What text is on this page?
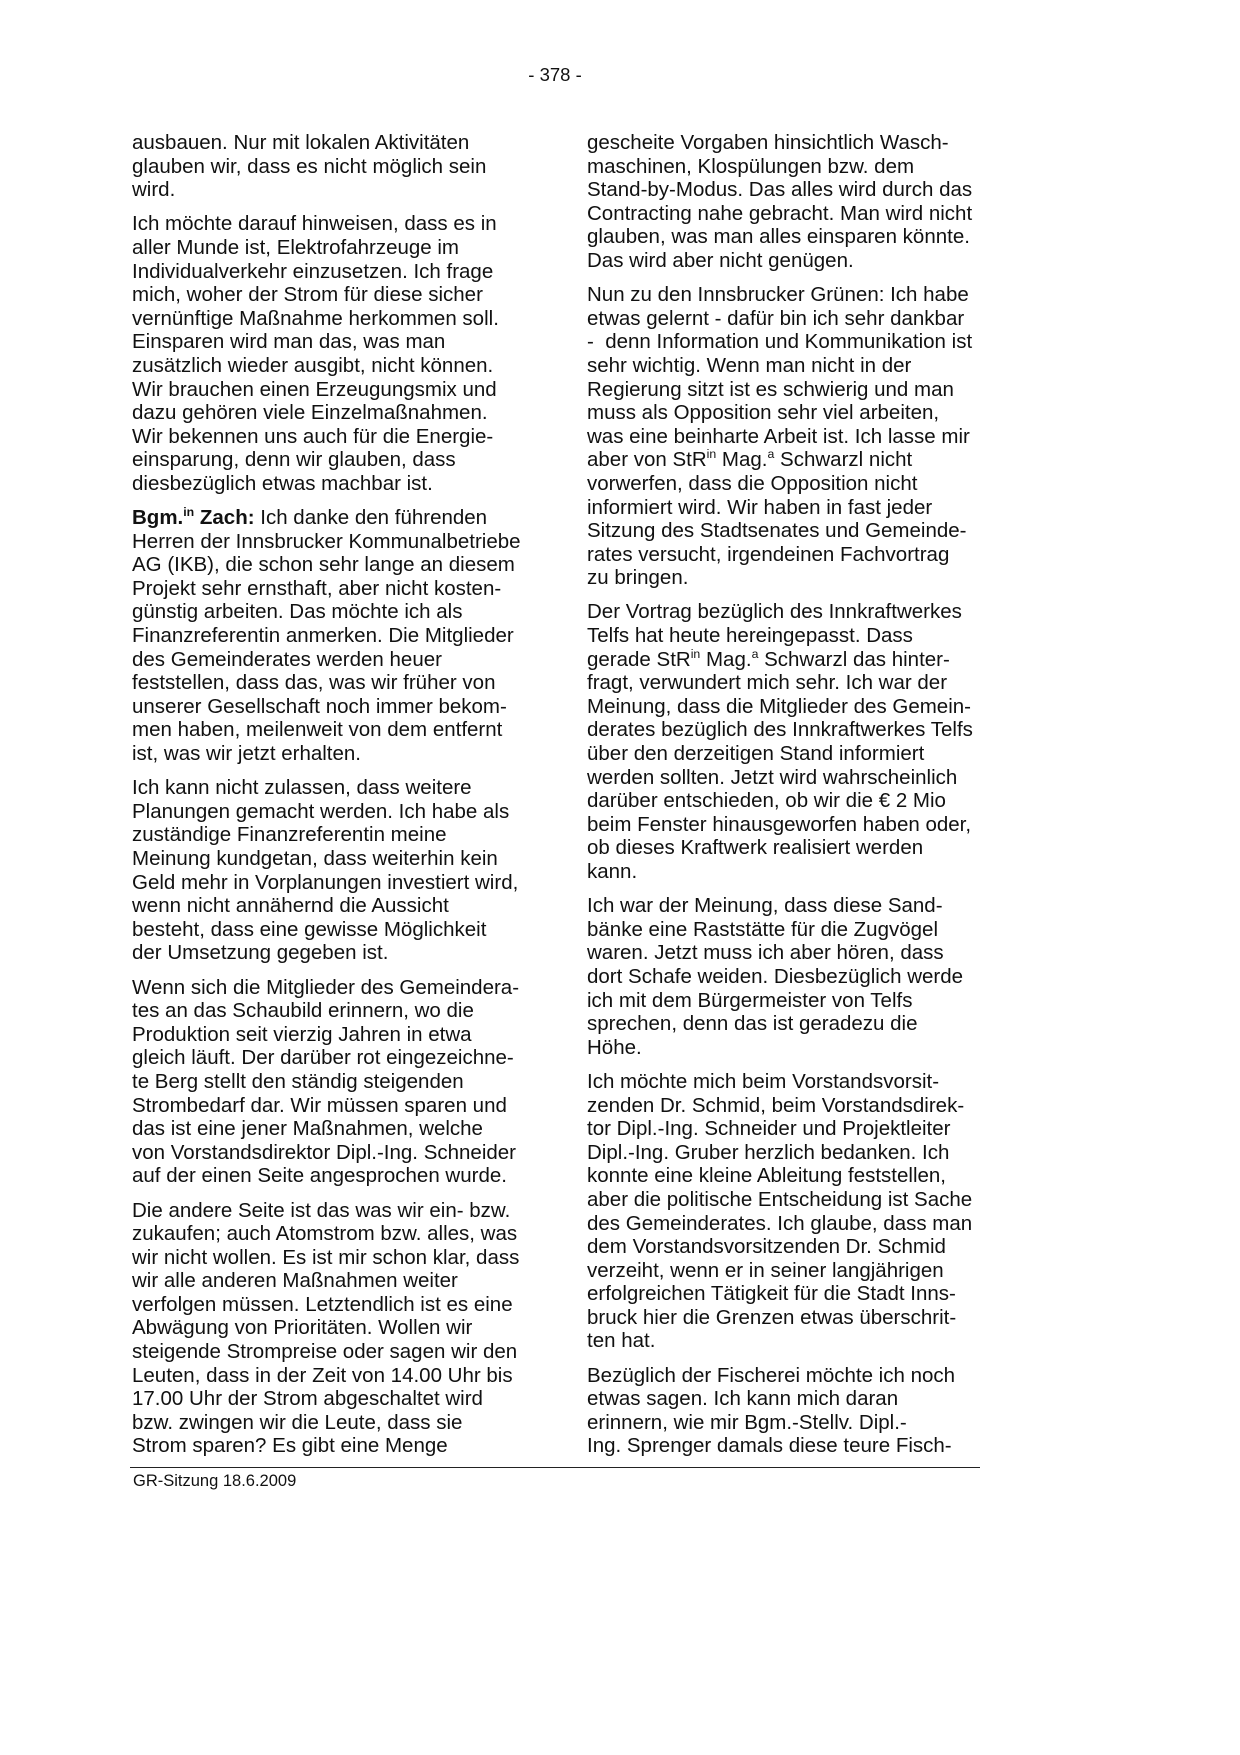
- 378 -
ausbauen. Nur mit lokalen Aktivitäten
glauben wir, dass es nicht möglich sein
wird.
Ich möchte darauf hinweisen, dass es in
aller Munde ist, Elektrofahrzeuge im
Individualverkehr einzusetzen. Ich frage
mich, woher der Strom für diese sicher
vernünftige Maßnahme herkommen soll.
Einsparen wird man das, was man
zusätzlich wieder ausgibt, nicht können.
Wir brauchen einen Erzeugungsmix und
dazu gehören viele Einzelmaßnahmen.
Wir bekennen uns auch für die Energie-
einsparung, denn wir glauben, dass
diesbezüglich etwas machbar ist.
Bgm.$^{in}$ Zach: Ich danke den führenden
Herren der Innsbrucker Kommunalbetriebe
AG (IKB), die schon sehr lange an diesem
Projekt sehr ernsthaft, aber nicht kosten-
günstig arbeiten. Das möchte ich als
Finanzreferentin anmerken. Die Mitglieder
des Gemeinderates werden heuer
feststellen, dass das, was wir früher von
unserer Gesellschaft noch immer bekom-
men haben, meilenweit von dem entfernt
ist, was wir jetzt erhalten.
Ich kann nicht zulassen, dass weitere
Planungen gemacht werden. Ich habe als
zuständige Finanzreferentin meine
Meinung kundgetan, dass weiterhin kein
Geld mehr in Vorplanungen investiert wird,
wenn nicht annähernd die Aussicht
besteht, dass eine gewisse Möglichkeit
der Umsetzung gegeben ist.
Wenn sich die Mitglieder des Gemeindera-
tes an das Schaubild erinnern, wo die
Produktion seit vierzig Jahren in etwa
gleich läuft. Der darüber rot eingezeichne-
te Berg stellt den ständig steigenden
Strombedarf dar. Wir müssen sparen und
das ist eine jener Maßnahmen, welche
von Vorstandsdirektor Dipl.-Ing. Schneider
auf der einen Seite angesprochen wurde.
Die andere Seite ist das was wir ein- bzw.
zukaufen; auch Atomstrom bzw. alles, was
wir nicht wollen. Es ist mir schon klar, dass
wir alle anderen Maßnahmen weiter
verfolgen müssen. Letztendlich ist es eine
Abwägung von Prioritäten. Wollen wir
steigende Strompreise oder sagen wir den
Leuten, dass in der Zeit von 14.00 Uhr bis
17.00 Uhr der Strom abgeschaltet wird
bzw. zwingen wir die Leute, dass sie
Strom sparen? Es gibt eine Menge
gescheite Vorgaben hinsichtlich Wasch-
maschinen, Klospülungen bzw. dem
Stand-by-Modus. Das alles wird durch das
Contracting nahe gebracht. Man wird nicht
glauben, was man alles einsparen könnte.
Das wird aber nicht genügen.
Nun zu den Innsbrucker Grünen: Ich habe
etwas gelernt - dafür bin ich sehr dankbar
-  denn Information und Kommunikation ist
sehr wichtig. Wenn man nicht in der
Regierung sitzt ist es schwierig und man
muss als Opposition sehr viel arbeiten,
was eine beinharte Arbeit ist. Ich lasse mir
aber von StR$^{in}$ Mag.$^a$ Schwarzl nicht
vorwerfen, dass die Opposition nicht
informiert wird. Wir haben in fast jeder
Sitzung des Stadtsenates und Gemeinde-
rates versucht, irgendeinen Fachvortrag
zu bringen.
Der Vortrag bezüglich des Innkraftwerkes
Telfs hat heute hereingepasst. Dass
gerade StR$^{in}$ Mag.$^a$ Schwarzl das hinter-
fragt, verwundert mich sehr. Ich war der
Meinung, dass die Mitglieder des Gemein-
derates bezüglich des Innkraftwerkes Telfs
über den derzeitigen Stand informiert
werden sollten. Jetzt wird wahrscheinlich
darüber entschieden, ob wir die € 2 Mio
beim Fenster hinausgeworfen haben oder,
ob dieses Kraftwerk realisiert werden
kann.
Ich war der Meinung, dass diese Sand-
bänke eine Raststätte für die Zugvögel
waren. Jetzt muss ich aber hören, dass
dort Schafe weiden. Diesbezüglich werde
ich mit dem Bürgermeister von Telfs
sprechen, denn das ist geradezu die
Höhe.
Ich möchte mich beim Vorstandsvorsit-
zenden Dr. Schmid, beim Vorstandsdirek-
tor Dipl.-Ing. Schneider und Projektleiter
Dipl.-Ing. Gruber herzlich bedanken. Ich
konnte eine kleine Ableitung feststellen,
aber die politische Entscheidung ist Sache
des Gemeinderates. Ich glaube, dass man
dem Vorstandsvorsitzenden Dr. Schmid
verzeiht, wenn er in seiner langjährigen
erfolgreichen Tätigkeit für die Stadt Inns-
bruck hier die Grenzen etwas überschrit-
ten hat.
Bezüglich der Fischerei möchte ich noch
etwas sagen. Ich kann mich daran
erinnern, wie mir Bgm.-Stellv. Dipl.-
Ing. Sprenger damals diese teure Fisch-
GR-Sitzung 18.6.2009
